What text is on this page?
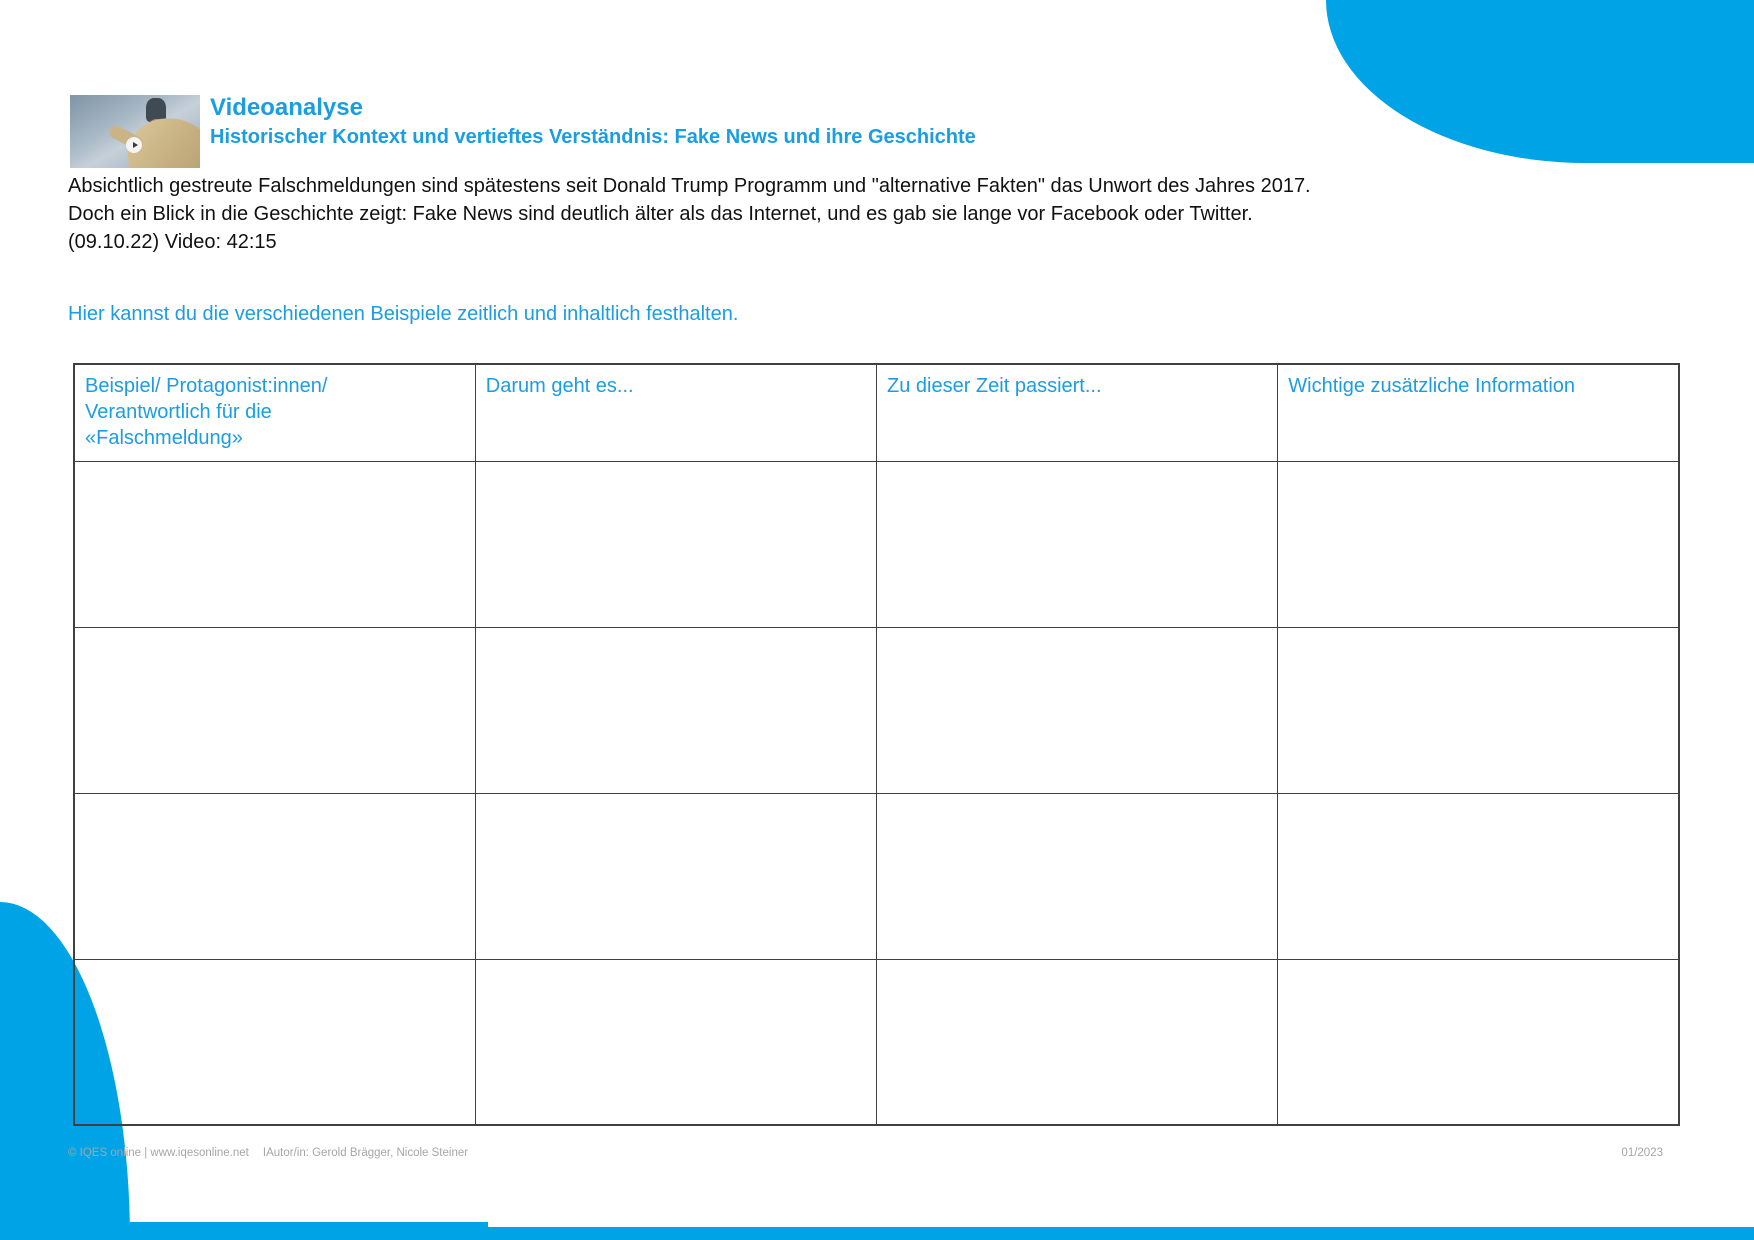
Videoanalyse
Historischer Kontext und vertieftes Verständnis: Fake News und ihre Geschichte
Absichtlich gestreute Falschmeldungen sind spätestens seit Donald Trump Programm und "alternative Fakten" das Unwort des Jahres 2017.
Doch ein Blick in die Geschichte zeigt: Fake News sind deutlich älter als das Internet, und es gab sie lange vor Facebook oder Twitter.
(09.10.22) Video: 42:15
Hier kannst du die verschiedenen Beispiele zeitlich und inhaltlich festhalten.
Beispiel/ Protagonist:innen/
Verantwortlich für die
«Falschmeldung»	Darum geht es...	Zu dieser Zeit passiert...	Wichtige zusätzliche Information

© IQES online | www.iqesonline.net IAutor/in: Gerold Brägger, Nicole Steiner	01/2023
